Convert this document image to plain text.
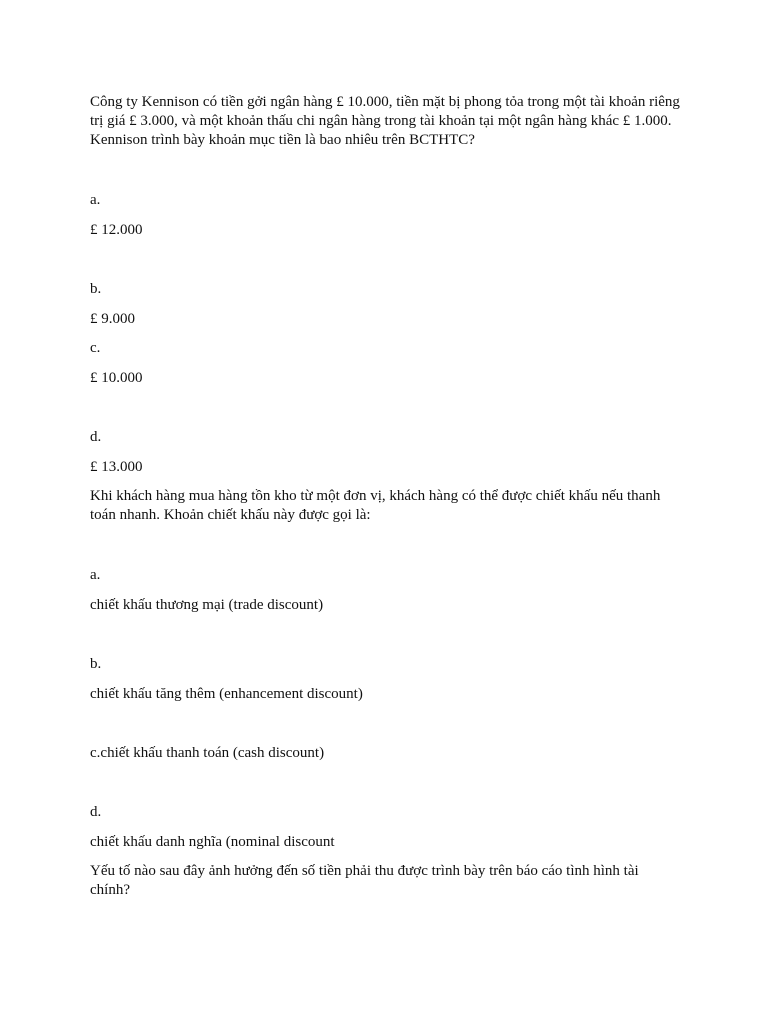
Công ty Kennison có tiền gởi ngân hàng £ 10.000, tiền mặt bị phong tỏa trong một tài khoản riêng trị giá £ 3.000, và một khoản thấu chi ngân hàng trong tài khoản tại một ngân hàng khác £ 1.000. Kennison trình bày khoản mục tiền là bao nhiêu trên BCTHTC?
a.
£ 12.000
b.
£ 9.000
c.
£ 10.000
d.
£ 13.000
Khi khách hàng mua hàng tồn kho từ một đơn vị, khách hàng có thể được chiết khấu nếu thanh toán nhanh. Khoản chiết khấu này được gọi là:
a.
chiết khấu thương mại (trade discount)
b.
chiết khấu tăng thêm (enhancement discount)
c.chiết khấu thanh toán (cash discount)
d.
chiết khấu danh nghĩa (nominal discount
Yếu tố nào sau đây ảnh hưởng đến số tiền phải thu được trình bày trên báo cáo tình hình tài chính?
